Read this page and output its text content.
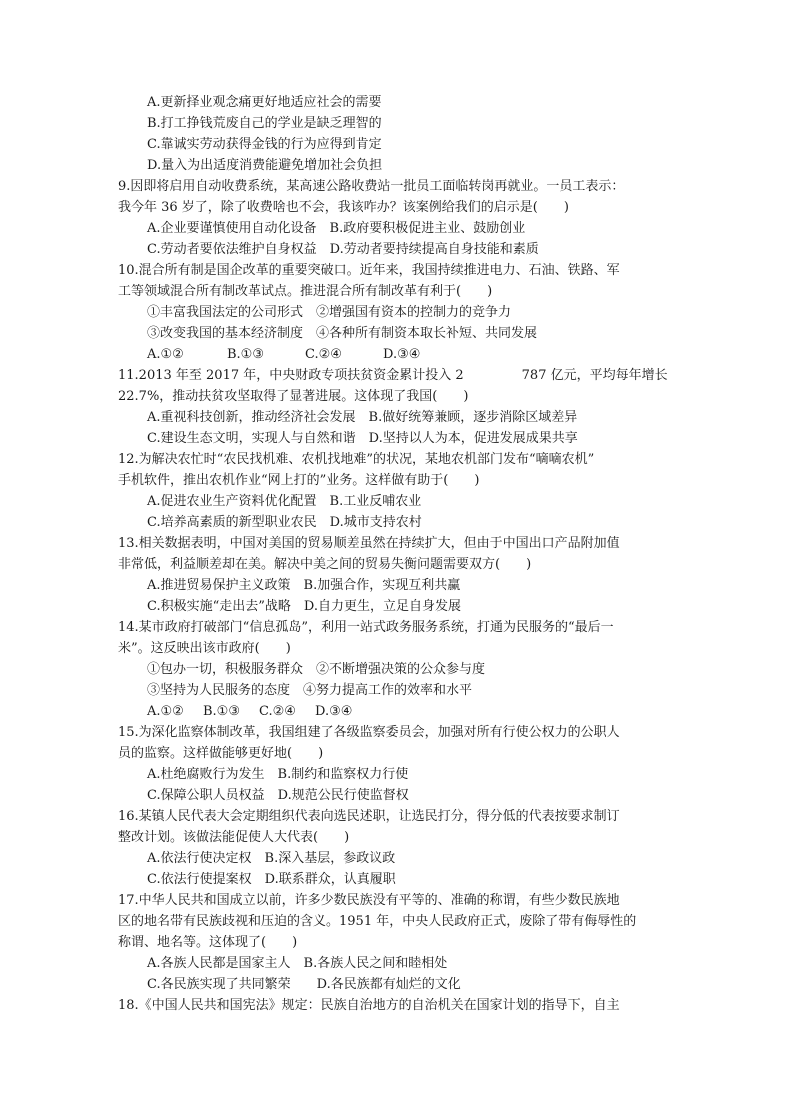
A.更新择业观念痛更好地适应社会的需要
B.打工挣钱荒废自己的学业是缺乏理智的
C.靠诚实劳动获得金钱的行为应得到肯定
D.量入为出适度消费能避免增加社会负担
9.因即将启用自动收费系统，某高速公路收费站一批员工面临转岗再就业。一员工表示：
我今年 36 岁了，除了收费啥也不会，我该咋办？该案例给我们的启示是(　　)
A.企业要谨慎使用自动化设备　B.政府要积极促进主业、鼓励创业
C.劳动者要依法维护自身权益　D.劳动者要持续提高自身技能和素质
10.混合所有制是国企改革的重要突破口。近年来，我国持续推进电力、石油、铁路、军
工等领域混合所有制改革试点。推进混合所有制改革有利于(　　)
①丰富我国法定的公司形式　②增强国有资本的控制力的竞争力
③改变我国的基本经济制度　④各种所有制资本取长补短、共同发展
A.①②	B.①③	C.②④	D.③④
11.2013 年至 2017 年，中央财政专项扶贫资金累计投入 2	787 亿元，平均每年增长
22.7%，推动扶贫攻坚取得了显著进展。这体现了我国(　　)
A.重视科技创新，推动经济社会发展　B.做好统筹兼顾，逐步消除区域差异
C.建设生态文明，实现人与自然和谐　D.坚持以人为本，促进发展成果共享
12.为解决农忙时“农民找机难、农机找地难”的状况，某地农机部门发布“嘀嘀农机”
手机软件，推出农机作业“网上打的”业务。这样做有助于(　　)
A.促进农业生产资料优化配置　B.工业反哺农业
C.培养高素质的新型职业农民　D.城市支持农村
13.相关数据表明，中国对美国的贸易顺差虽然在持续扩大，但由于中国出口产品附加值
非常低，利益顺差却在美。解决中美之间的贸易失衡问题需要双方(　　)
A.推进贸易保护主义政策　B.加强合作，实现互利共赢
C.积极实施“走出去”战略　D.自力更生，立足自身发展
14.某市政府打破部门“信息孤岛”，利用一站式政务服务系统，打通为民服务的“最后一
米”。这反映出该市政府(　　)
①包办一切，积极服务群众　②不断增强决策的公众参与度
③坚持为人民服务的态度　④努力提高工作的效率和水平
A.①② B.①③ C.②④ D.③④
15.为深化监察体制改革，我国组建了各级监察委员会，加强对所有行使公权力的公职人
员的监察。这样做能够更好地(　　)
A.杜绝腐败行为发生　B.制约和监察权力行使
C.保障公职人员权益　D.规范公民行使监督权
16.某镇人民代表大会定期组织代表向选民述职，让选民打分，得分低的代表按要求制订
整改计划。该做法能促使人大代表(　　)
A.依法行使决定权　B.深入基层，参政议政
C.依法行使提案权　D.联系群众，认真履职
17.中华人民共和国成立以前，许多少数民族没有平等的、准确的称谓，有些少数民族地
区的地名带有民族歧视和压迫的含义。1951 年，中央人民政府正式，废除了带有侮辱性的
称谓、地名等。这体现了(　　)
A.各族人民都是国家主人　B.各族人民之间和睦相处
C.各民族实现了共同繁荣　　D.各民族都有灿烂的文化
18.《中国人民共和国宪法》规定：民族自治地方的自治机关在国家计划的指导下，自主
